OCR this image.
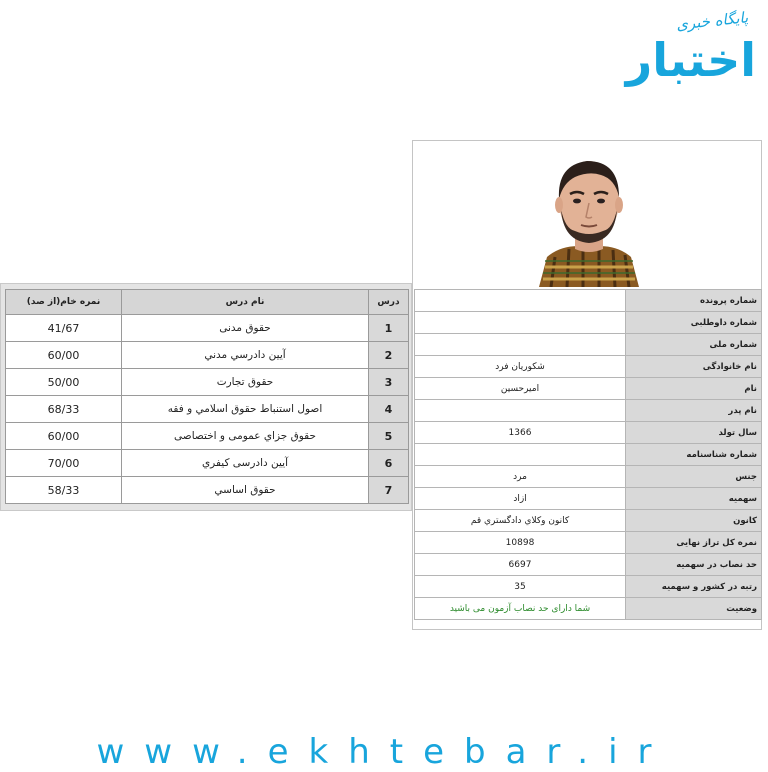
پایگاه خبری
اختبار
درس	نام درس	نمره خام(از صد)
1	حقوق مدنی	41/67
2	آيين دادرسي مدني	60/00
3	حقوق تجارت	50/00
4	اصول استنباط حقوق اسلامي و فقه	68/33
5	حقوق جزاي عمومی و اختصاصی	60/00
6	آيين دادرسی كيفري	70/00
7	حقوق اساسي	58/33
شماره پرونده	
شماره داوطلبی	
شماره ملی	
نام خانوادگی	شکوریان فرد
نام	امیرحسین
نام پدر	
سال تولد	1366
شماره شناسنامه	
جنس	مرد
سهمیه	ازاد
كانون	كانون وكلاي دادگستري قم
نمره کل تراز نهایی	10898
حد نصاب در سهمیه	6697
رتبه در کشور و سهمیه	35
وضعیت	شما دارای حد نصاب آزمون می باشید
www.ekhtebar.ir
